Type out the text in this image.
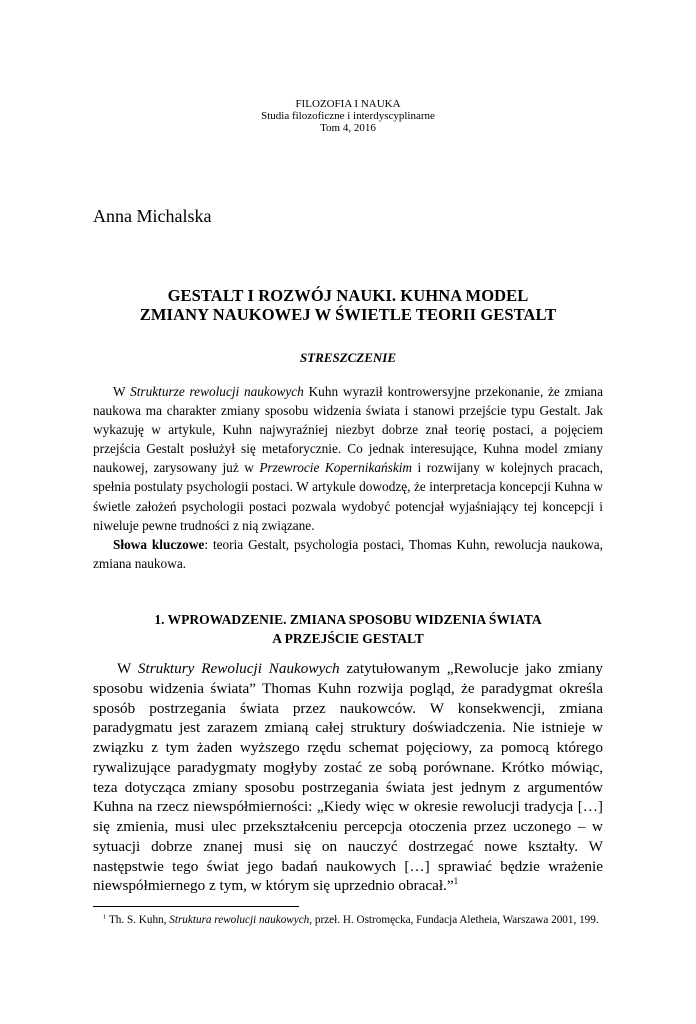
FILOZOFIA I NAUKA
Studia filozoficzne i interdyscyplinarne
Tom 4, 2016
Anna Michalska
GESTALT I ROZWÓJ NAUKI. KUHNA MODEL
ZMIANY NAUKOWEJ W ŚWIETLE TEORII GESTALT
STRESZCZENIE

W Strukturze rewolucji naukowych Kuhn wyraził kontrowersyjne przekonanie, że zmiana naukowa ma charakter zmiany sposobu widzenia świata i stanowi przejście typu Gestalt. Jak wykazuję w artykule, Kuhn najwyraźniej niezbyt dobrze znał teorię postaci, a pojęciem przejścia Gestalt posłużył się metaforycznie. Co jednak interesujące, Kuhna model zmiany naukowej, zarysowany już w Przewrocie Kopernikańskim i rozwijany w kolejnych pracach, spełnia postulaty psychologii postaci. W artykule dowodzę, że interpretacja koncepcji Kuhna w świetle założeń psychologii postaci pozwala wydobyć potencjał wyjaśniający tej koncepcji i niweluje pewne trudności z nią związane.

Słowa kluczowe: teoria Gestalt, psychologia postaci, Thomas Kuhn, rewolucja naukowa, zmiana naukowa.

1. WPROWADZENIE. ZMIANA SPOSOBU WIDZENIA ŚWIATA
A PRZEJŚCIE GESTALT

W Struktury Rewolucji Naukowych zatytułowanym „Rewolucje jako zmiany sposobu widzenia świata” Thomas Kuhn rozwija pogląd, że paradygmat określa sposób postrzegania świata przez naukowców. W konsekwencji, zmiana paradygmatu jest zarazem zmianą całej struktury doświadczenia. Nie istnieje w związku z tym żaden wyższego rzędu schemat pojęciowy, za pomocą którego rywalizujące paradygmaty mogłyby zostać ze sobą porównane. Krótko mówiąc, teza dotycząca zmiany sposobu postrzegania świata jest jednym z argumentów Kuhna na rzecz niewspółmierności: „Kiedy więc w okresie rewolucji tradycja […] się zmienia, musi ulec przekształceniu percepcja otoczenia przez uczonego – w sytuacji dobrze znanej musi się on nauczyć dostrzegać nowe kształty. W następstwie tego świat jego badań naukowych […] sprawiać będzie wrażenie niewspółmiernego z tym, w którym się uprzednio obracał.”$^1$

$^1$ Th. S. Kuhn, Struktura rewolucji naukowych, przeł. H. Ostromęcka, Fundacja Aletheia, Warszawa 2001, 199.
